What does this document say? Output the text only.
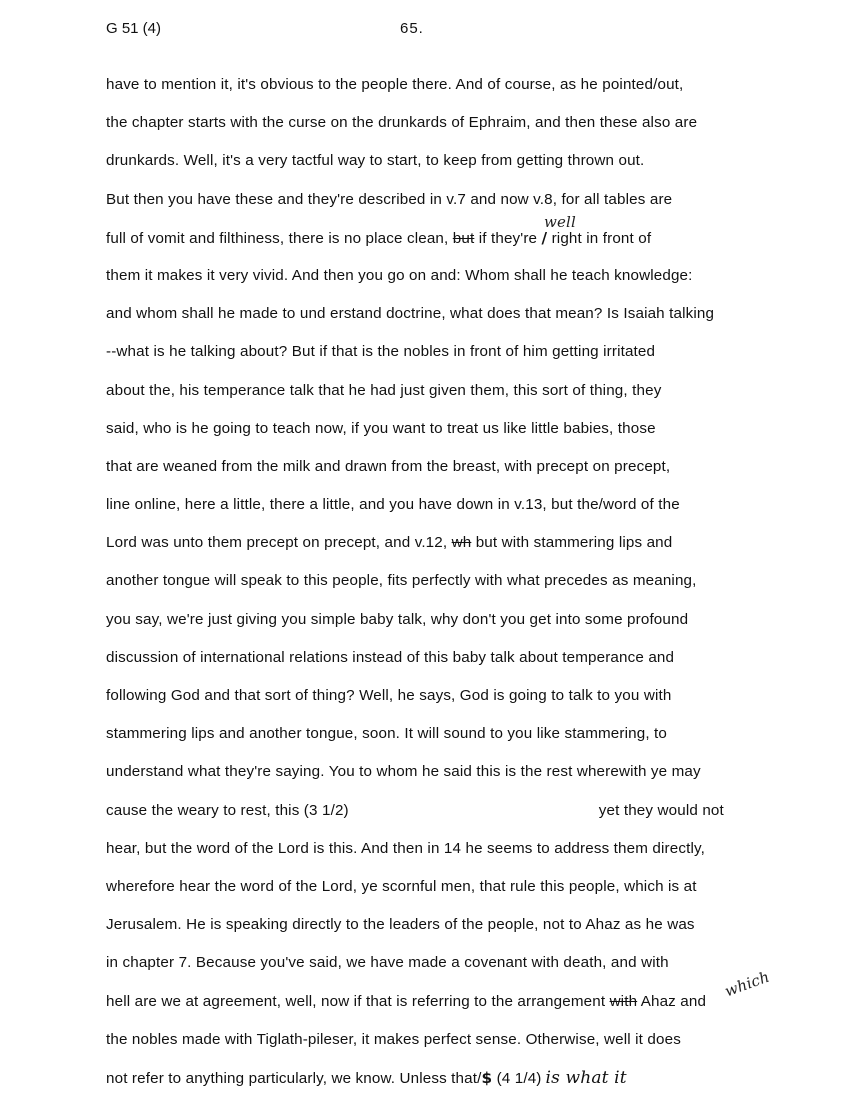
G 51 (4)	65.
have to mention it, it's obvious to the people there. And of course, as he pointed/out,
the chapter starts with the curse on the drunkards of Ephraim, and then these also are
drunkards. Well, it's a very tactful way to start, to keep from getting thrown out.
But then you have these and they're described in v.7 and now v.8, for all tables are
well
full of vomit and filthiness, there is no place clean, but if they're / right in front of
them it makes it very vivid. And then you go on and: Whom shall he teach knowledge:
and whom shall he made to und erstand doctrine, what does that mean? Is Isaiah talking
--what is he talking about? But if that is the nobles in front of him getting irritated
about the, his temperance talk that he had just given them, this sort of thing, they
said, who is he going to teach now, if you want to treat us like little babies, those
that are weaned from the milk and drawn from the breast, with precept on precept,
line online, here a little, there a little, and you have down in v.13, but the/word of the
Lord was unto them precept on precept, and v.12, wh but with stammering lips and
another tongue will speak to this people, fits perfectly with what precedes as meaning,
you say, we're just giving you simple baby talk, why don't you get into some profound
discussion of international relations instead of this baby talk about temperance and
following God and that sort of thing? Well, he says, God is going to talk to you with
stammering lips and another tongue, soon. It will sound to you like stammering, to
understand what they're saying. You to whom he said this is the rest wherewith ye may
cause the weary to rest, this (3 1/2)	yet they would not
hear, but the word of the Lord is this. And then in 14 he seems to address them directly,
wherefore hear the word of the Lord, ye scornful men, that rule this people, which is at
Jerusalem. He is speaking directly to the leaders of the people, not to Ahaz as he was
in chapter 7. Because you've said, we have made a covenant with death, and with
which
hell are we at agreement, well, now if that is referring to the arrangement with Ahaz and
the nobles made with Tiglath-pileser, it makes perfect sense. Otherwise, well it does
not refer to anything particularly, we know. Unless that/$ (4 1/4) is what it
